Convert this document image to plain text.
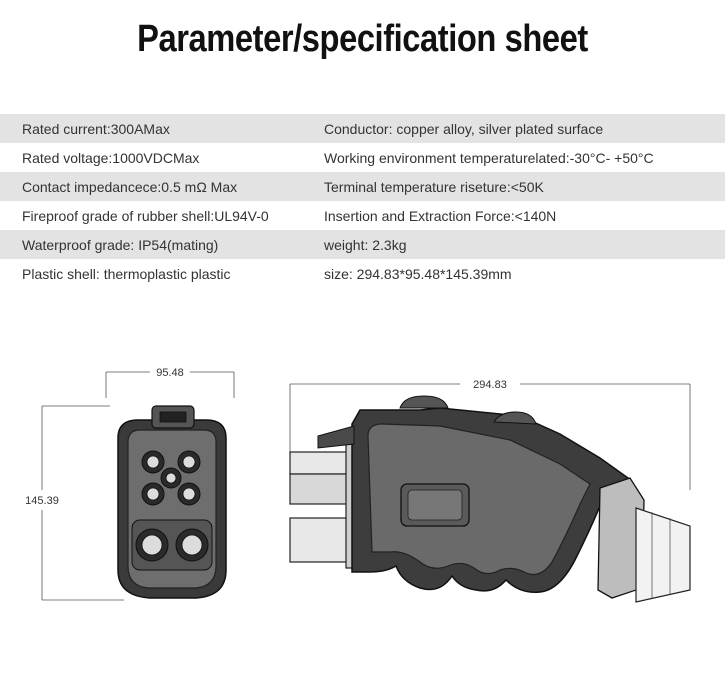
Parameter/specification sheet
Rated current:300AMax	Conductor: copper alloy, silver plated surface
Rated voltage:1000VDCMax	Working environment temperaturelated:-30°C- +50°C
Contact impedancece:0.5 mΩ Max	Terminal temperature riseture:<50K
Fireproof grade of rubber shell:UL94V-0	Insertion and Extraction Force:<140N
Waterproof grade: IP54(mating)	weight: 2.3kg
Plastic shell: thermoplastic plastic	size: 294.83*95.48*145.39mm
95.48
145.39
294.83
